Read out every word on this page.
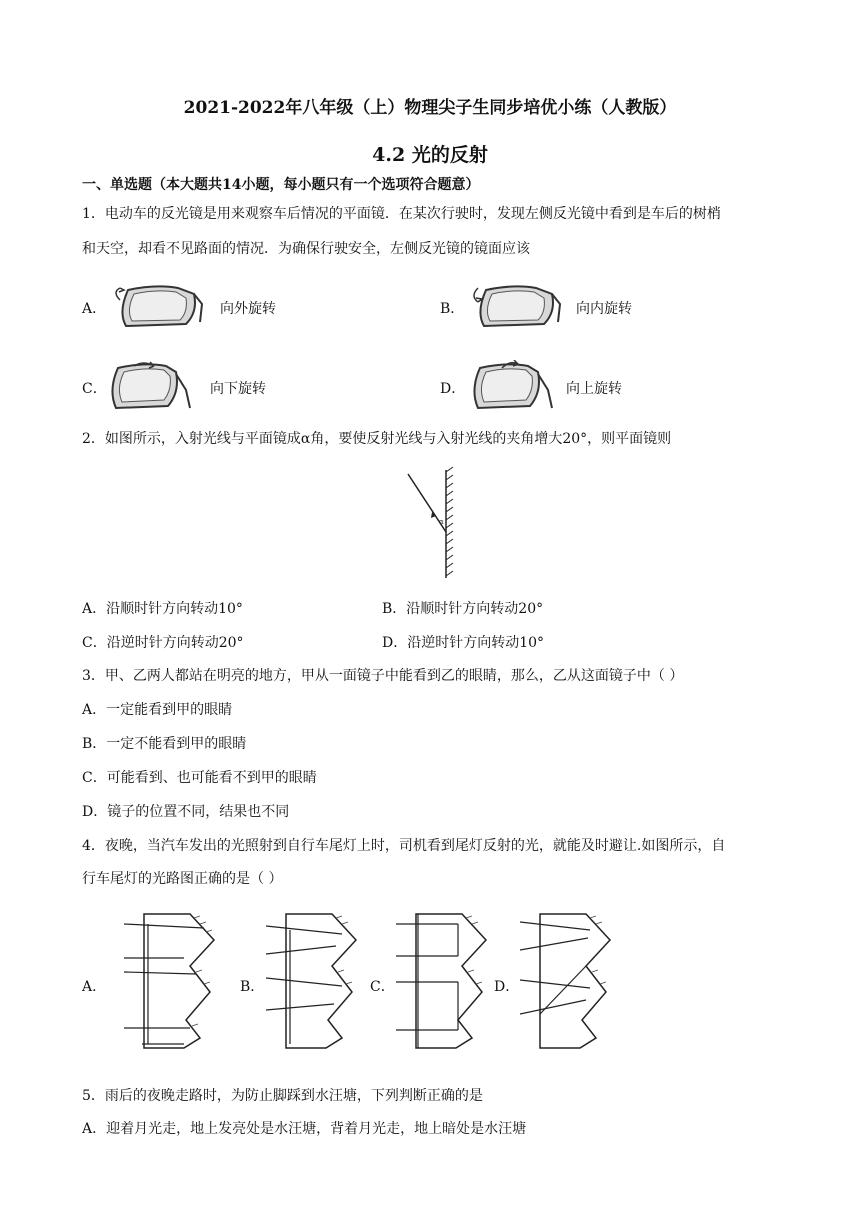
2021-2022年八年级（上）物理尖子生同步培优小练（人教版）
4.2 光的反射
一、单选题（本大题共14小题，每小题只有一个选项符合题意）
1．电动车的反光镜是用来观察车后情况的平面镜．在某次行驶时，发现左侧反光镜中看到是车后的树梢
和天空，却看不见路面的情况．为确保行驶安全，左侧反光镜的镜面应该
A．	向外旋转	B．	向内旋转
C．	向下旋转	D．	向上旋转
2．如图所示，入射光线与平面镜成α角，要使反射光线与入射光线的夹角增大20°，则平面镜则
α
A．沿顺时针方向转动10°	B．沿顺时针方向转动20°
C．沿逆时针方向转动20°	D．沿逆时针方向转动10°
3．甲、乙两人都站在明亮的地方，甲从一面镜子中能看到乙的眼睛，那么，乙从这面镜子中（ ）
A．一定能看到甲的眼睛
B．一定不能看到甲的眼睛
C．可能看到、也可能看不到甲的眼睛
D．镜子的位置不同，结果也不同
4．夜晚，当汽车发出的光照射到自行车尾灯上时，司机看到尾灯反射的光，就能及时避让.如图所示，自
行车尾灯的光路图正确的是（ ）
A．	B．	C．	D．
5．雨后的夜晚走路时，为防止脚踩到水汪塘，下列判断正确的是
A．迎着月光走，地上发亮处是水汪塘，背着月光走，地上暗处是水汪塘
